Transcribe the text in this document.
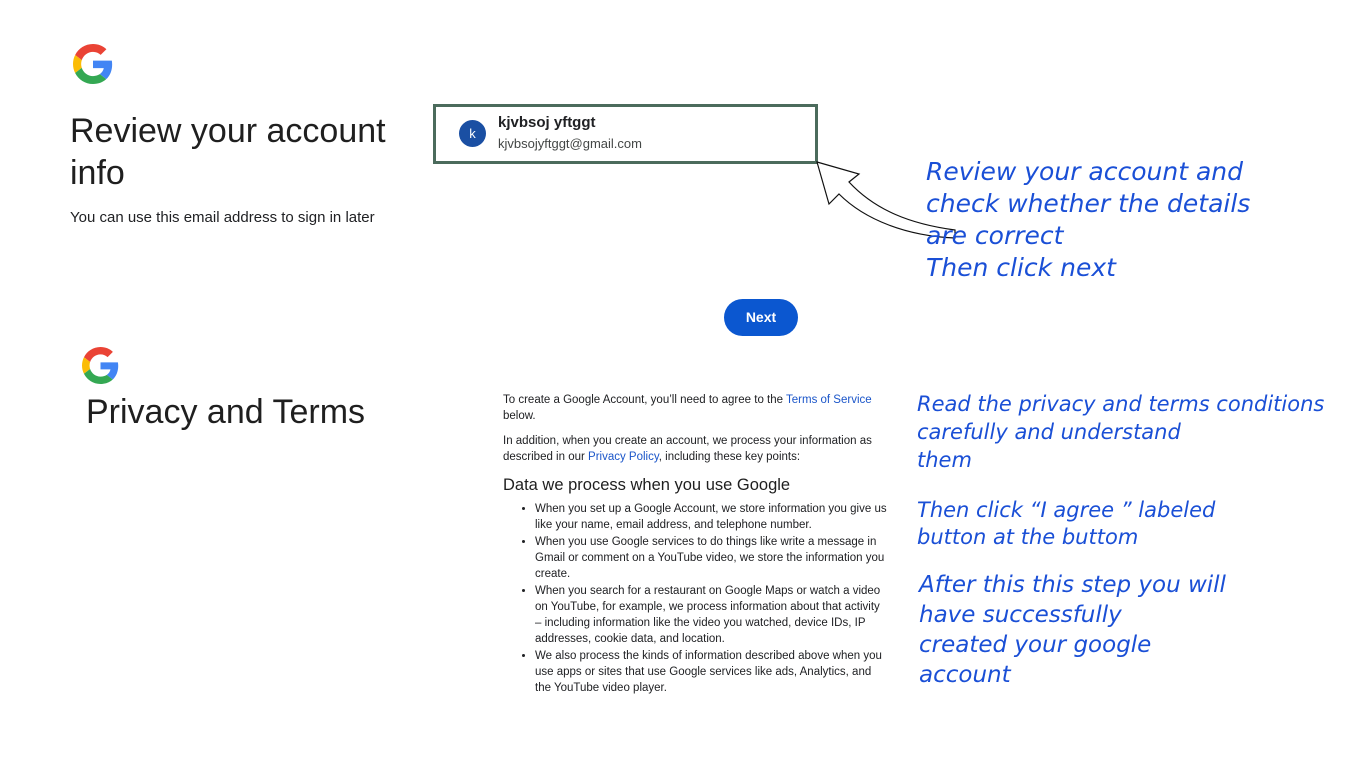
Review your account
info
You can use this email address to sign in later
k
kjvbsoj yftggt
kjvbsojyftggt@gmail.com
Review your account and
check whether the details
are correct
Then click next
Next
Privacy and Terms	To create a Google Account, you’ll need to agree to the Terms of Service below.

In addition, when you create an account, we process your information as described in our Privacy Policy, including these key points:

Data we process when you use Google
• When you set up a Google Account, we store information you give us like your name, email address, and telephone number.
• When you use Google services to do things like write a message in Gmail or comment on a YouTube video, we store the information you create.
• When you search for a restaurant on Google Maps or watch a video on YouTube, for example, we process information about that activity – including information like the video you watched, device IDs, IP addresses, cookie data, and location.
• We also process the kinds of information described above when you use apps or sites that use Google services like ads, Analytics, and the YouTube video player.
Read the privacy and terms conditions
carefully and understand
them
Then click “I agree ” labeled
button at the buttom
After this this step you will
have successfully
created your google
account
